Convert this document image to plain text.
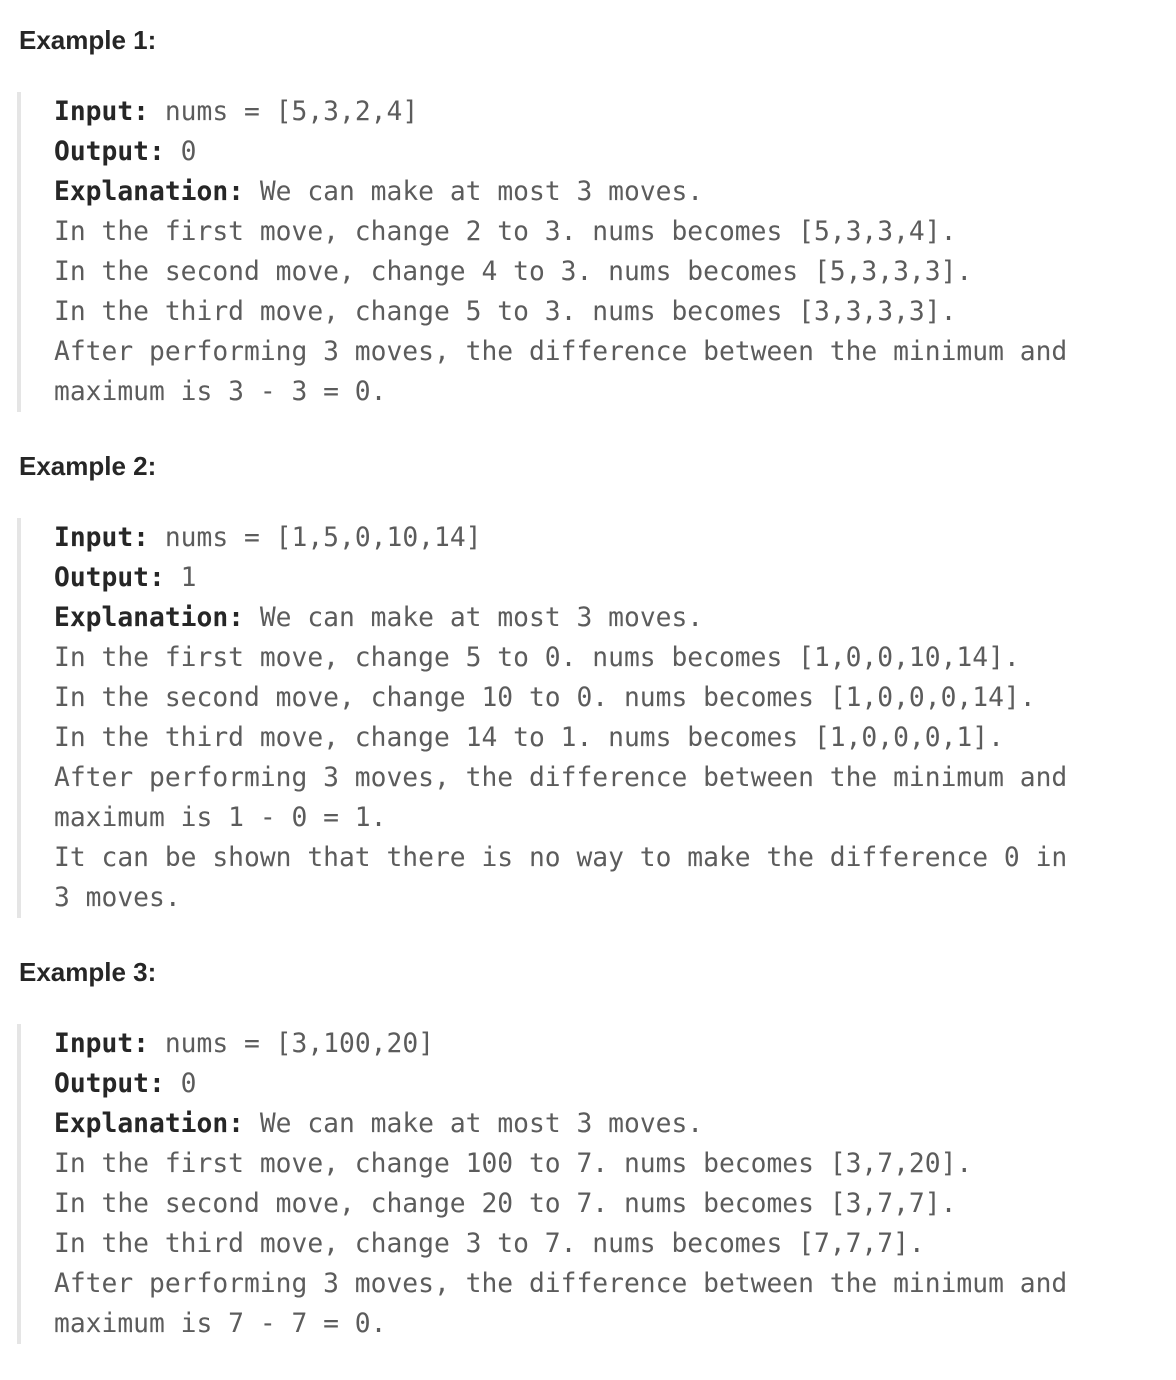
Example 1:
Input: nums = [5,3,2,4]
Output: 0
Explanation: We can make at most 3 moves.
In the first move, change 2 to 3. nums becomes [5,3,3,4].
In the second move, change 4 to 3. nums becomes [5,3,3,3].
In the third move, change 5 to 3. nums becomes [3,3,3,3].
After performing 3 moves, the difference between the minimum and
maximum is 3 - 3 = 0.
Example 2:
Input: nums = [1,5,0,10,14]
Output: 1
Explanation: We can make at most 3 moves.
In the first move, change 5 to 0. nums becomes [1,0,0,10,14].
In the second move, change 10 to 0. nums becomes [1,0,0,0,14].
In the third move, change 14 to 1. nums becomes [1,0,0,0,1].
After performing 3 moves, the difference between the minimum and
maximum is 1 - 0 = 1.
It can be shown that there is no way to make the difference 0 in
3 moves.
Example 3:
Input: nums = [3,100,20]
Output: 0
Explanation: We can make at most 3 moves.
In the first move, change 100 to 7. nums becomes [3,7,20].
In the second move, change 20 to 7. nums becomes [3,7,7].
In the third move, change 3 to 7. nums becomes [7,7,7].
After performing 3 moves, the difference between the minimum and
maximum is 7 - 7 = 0.
